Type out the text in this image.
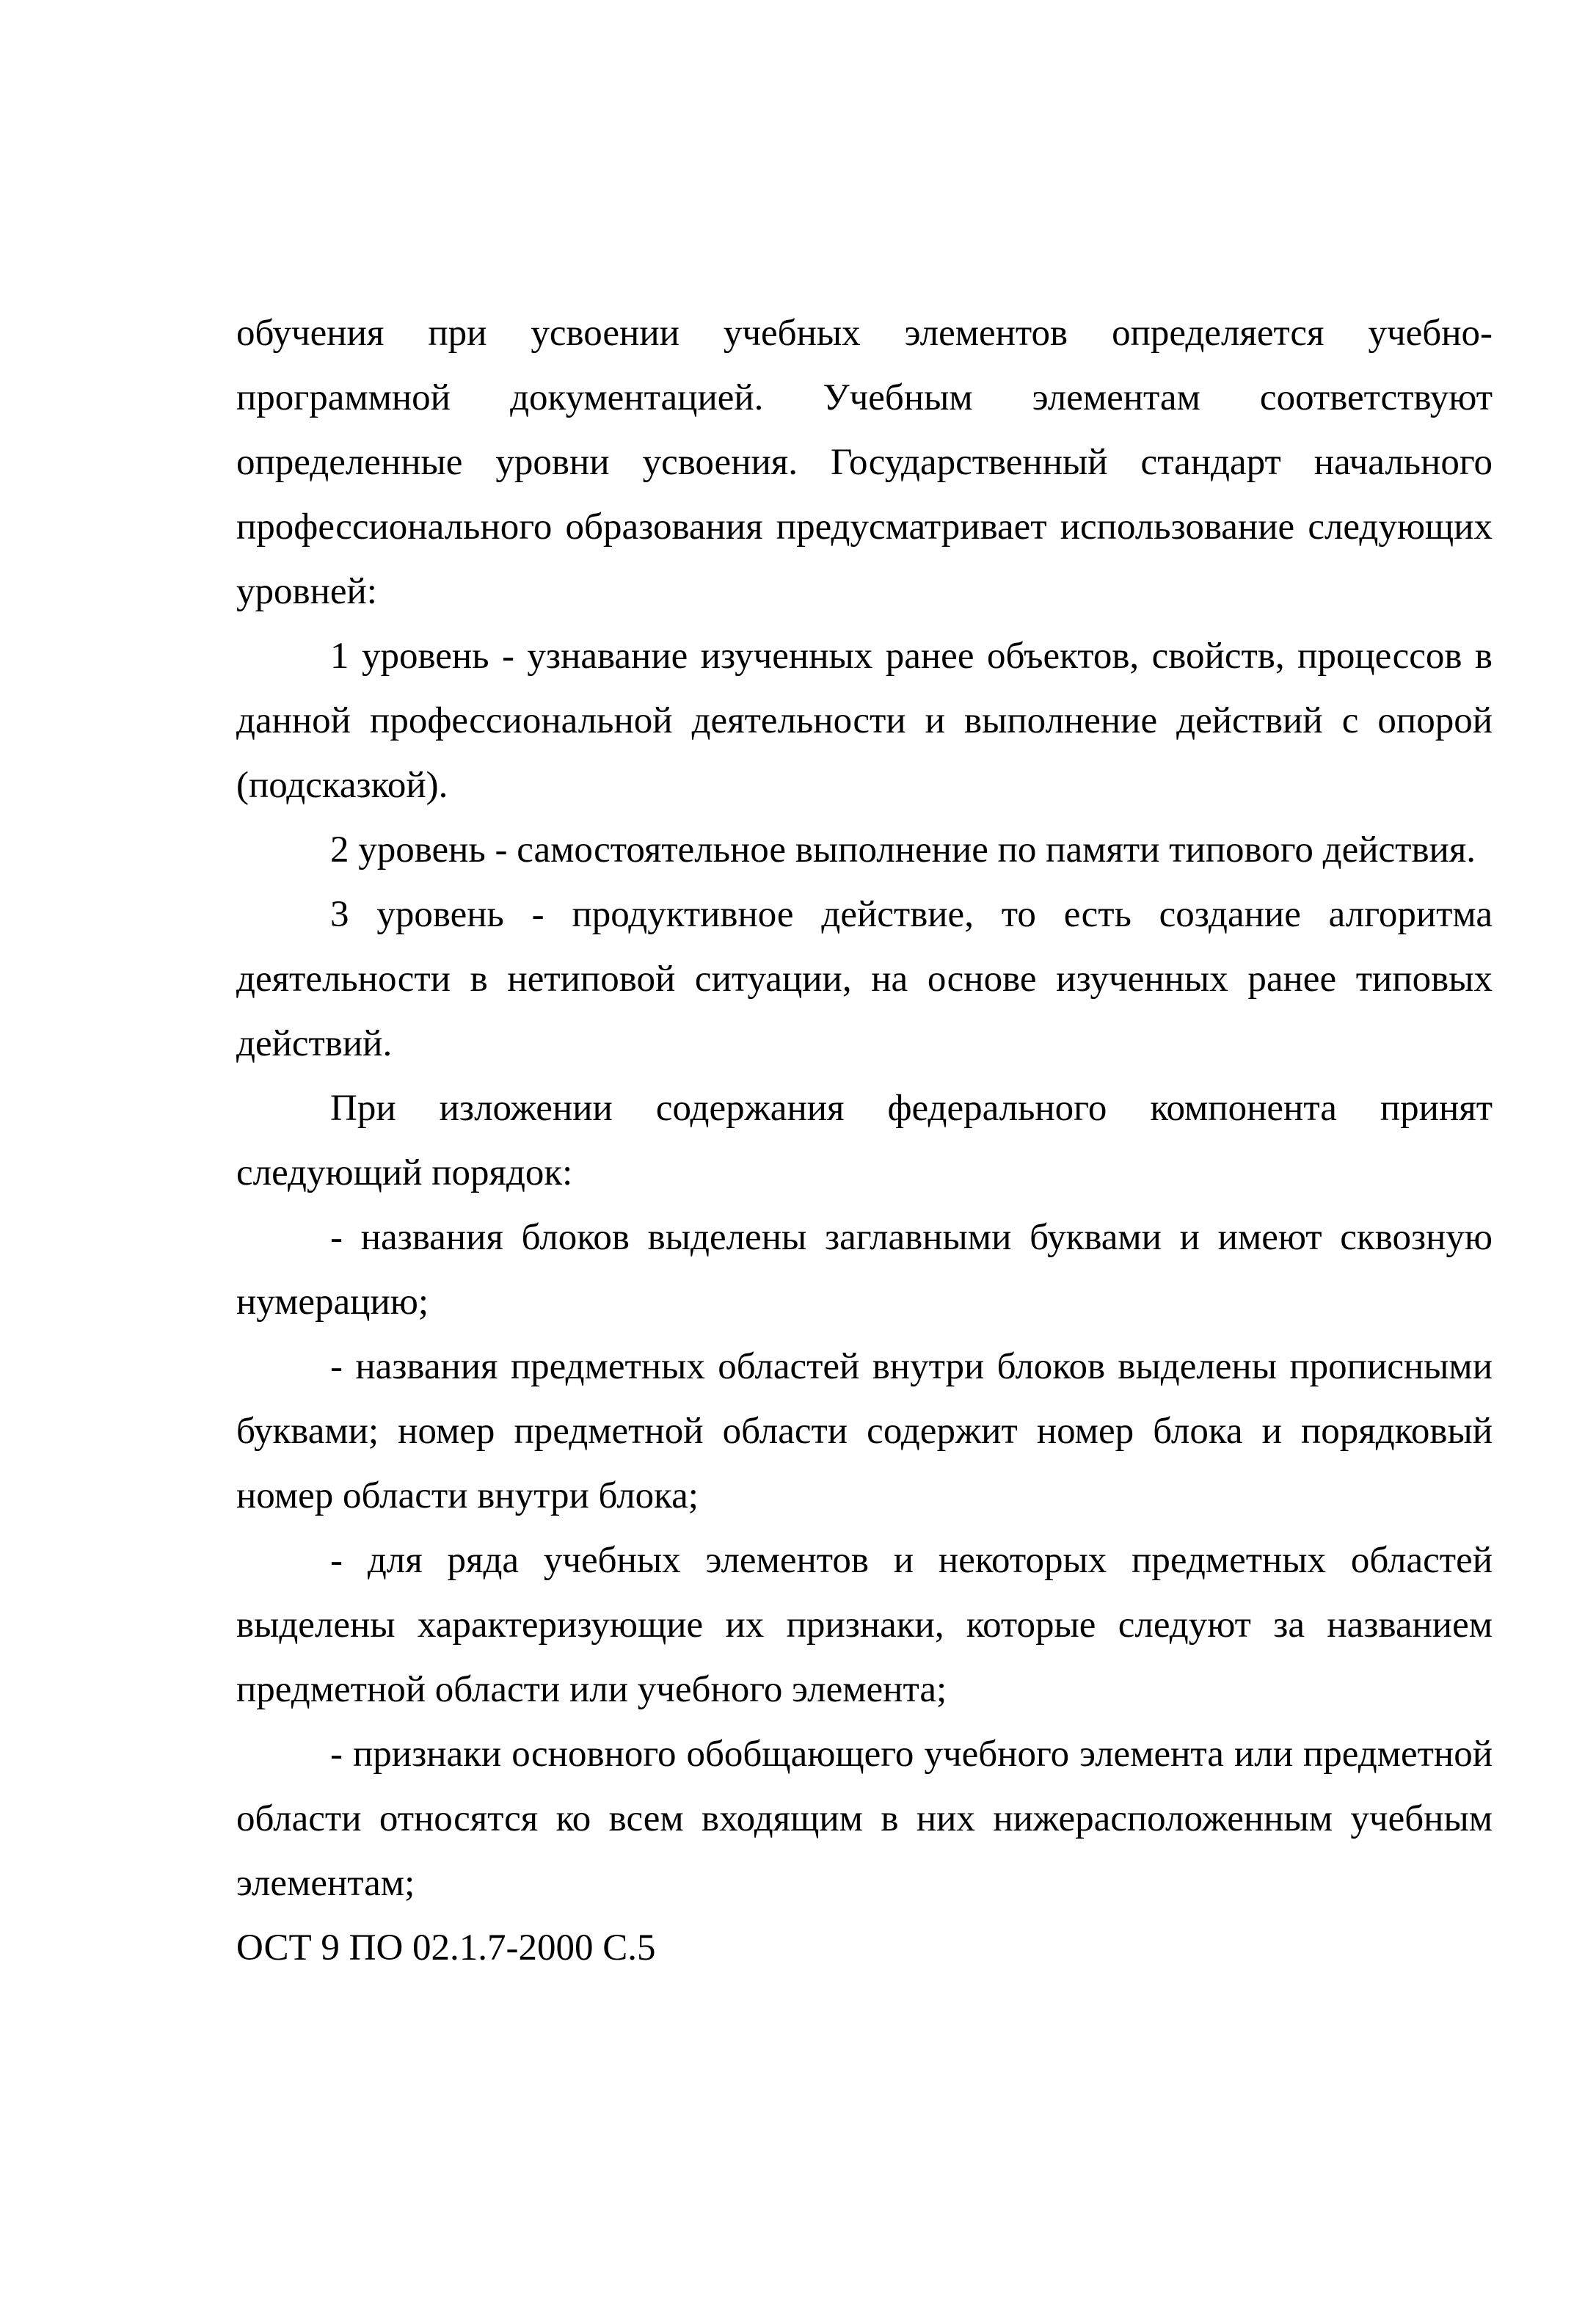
обучения при усвоении учебных элементов определяется учебно-программной документацией. Учебным элементам соответствуют определенные уровни усвоения. Государственный стандарт начального профессионального образования предусматривает использование следующих уровней:

1 уровень - узнавание изученных ранее объектов, свойств, процессов в данной профессиональной деятельности и выполнение действий с опорой (подсказкой).

2 уровень - самостоятельное выполнение по памяти типового действия.

3 уровень - продуктивное действие, то есть создание алгоритма деятельности в нетиповой ситуации, на основе изученных ранее типовых действий.

При изложении содержания федерального компонента принят следующий порядок:

- названия блоков выделены заглавными буквами и имеют сквозную нумерацию;

- названия предметных областей внутри блоков выделены прописными буквами; номер предметной области содержит номер блока и порядковый номер области внутри блока;

- для ряда учебных элементов и некоторых предметных областей выделены характеризующие их признаки, которые следуют за названием предметной области или учебного элемента;

- признаки основного обобщающего учебного элемента или предметной области относятся ко всем входящим в них нижерасположенным учебным элементам;

ОСТ 9 ПО 02.1.7-2000 С.5
